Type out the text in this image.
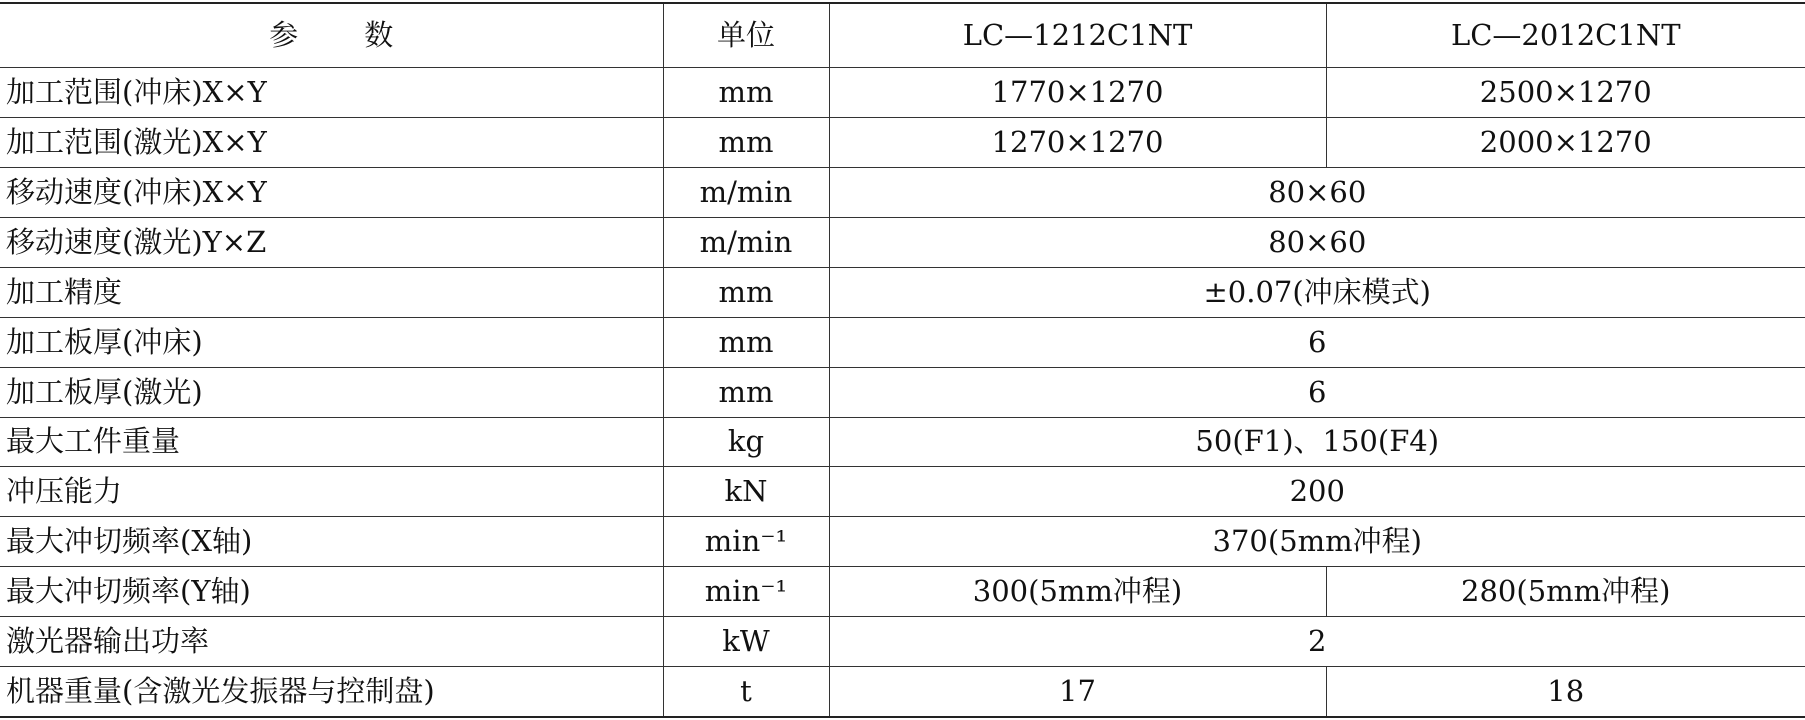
参 数	单位	LC—1212C1NT	LC—2012C1NT
加工范围(冲床)X×Y	mm	1770×1270	2500×1270
加工范围(激光)X×Y	mm	1270×1270	2000×1270
移动速度(冲床)X×Y	m/min	80×60	
移动速度(激光)Y×Z	m/min	80×60	
加工精度	mm	±0.07(冲床模式)	
加工板厚(冲床)	mm	6	
加工板厚(激光)	mm	6	
最大工件重量	kg	50(F1)、150(F4)	
冲压能力	kN	200	
最大冲切频率(X轴)	min⁻¹	370(5mm冲程)	
最大冲切频率(Y轴)	min⁻¹	300(5mm冲程)	280(5mm冲程)
激光器输出功率	kW	2	
机器重量(含激光发振器与控制盘)	t	17	18
